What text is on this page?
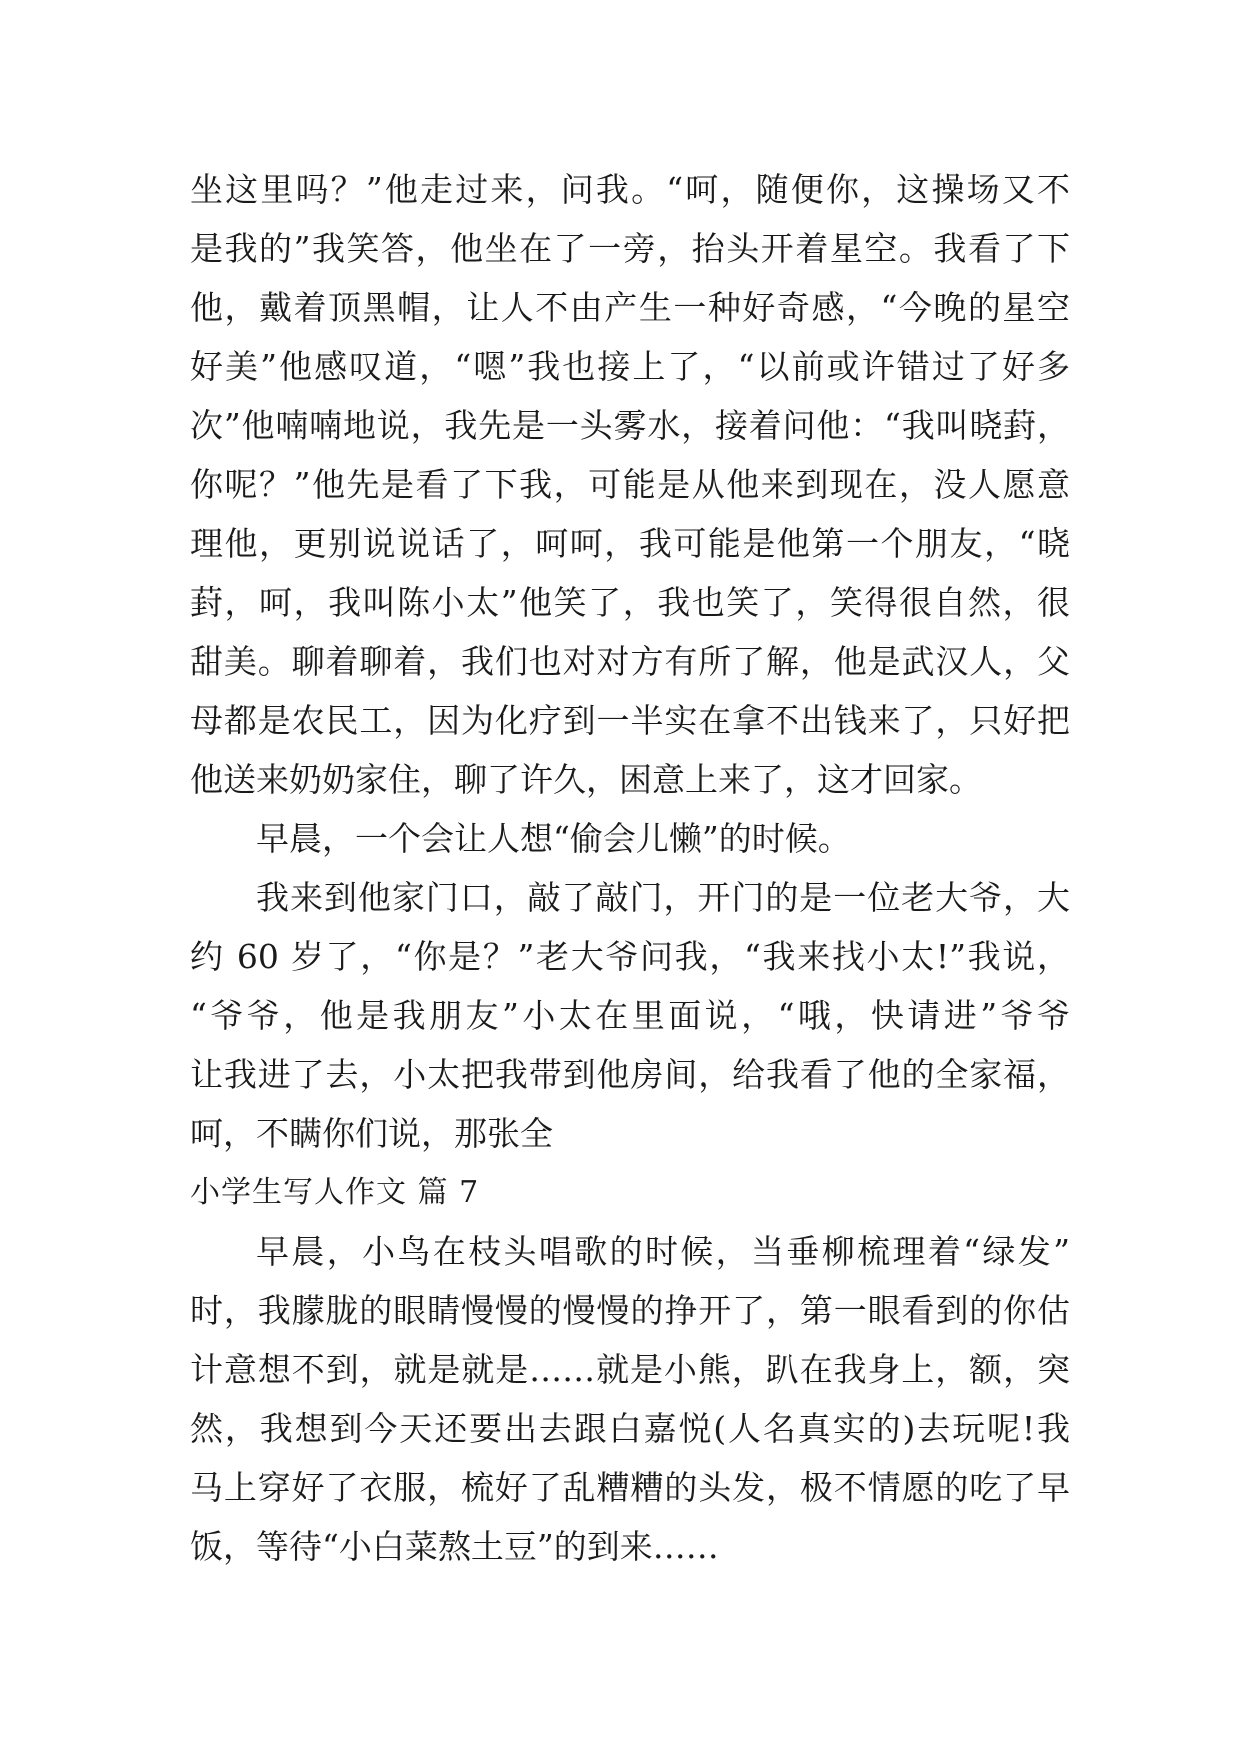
坐这里吗？”他走过来，问我。“呵，随便你，这操场又不
是我的”我笑答，他坐在了一旁，抬头开着星空。我看了下
他，戴着顶黑帽，让人不由产生一种好奇感，“今晚的星空
好美”他感叹道，“嗯”我也接上了，“以前或许错过了好多
次”他喃喃地说，我先是一头雾水，接着问他：“我叫晓葑，
你呢？”他先是看了下我，可能是从他来到现在，没人愿意
理他，更别说说话了，呵呵，我可能是他第一个朋友，“晓
葑，呵，我叫陈小太”他笑了，我也笑了，笑得很自然，很
甜美。聊着聊着，我们也对对方有所了解，他是武汉人，父
母都是农民工，因为化疗到一半实在拿不出钱来了，只好把
他送来奶奶家住，聊了许久，困意上来了，这才回家。
早晨，一个会让人想“偷会儿懒”的时候。
我来到他家门口，敲了敲门，开门的是一位老大爷，大
约 60 岁了，“你是？”老大爷问我，“我来找小太!”我说，
“爷爷，他是我朋友”小太在里面说，“哦，快请进”爷爷
让我进了去，小太把我带到他房间，给我看了他的全家福，
呵，不瞒你们说，那张全
小学生写人作文 篇 7
早晨，小鸟在枝头唱歌的时候，当垂柳梳理着“绿发”
时，我朦胧的眼睛慢慢的慢慢的挣开了，第一眼看到的你估
计意想不到，就是就是……就是小熊，趴在我身上，额，突
然，我想到今天还要出去跟白嘉悦(人名真实的)去玩呢!我
马上穿好了衣服，梳好了乱糟糟的头发，极不情愿的吃了早
饭，等待“小白菜熬土豆”的到来……
